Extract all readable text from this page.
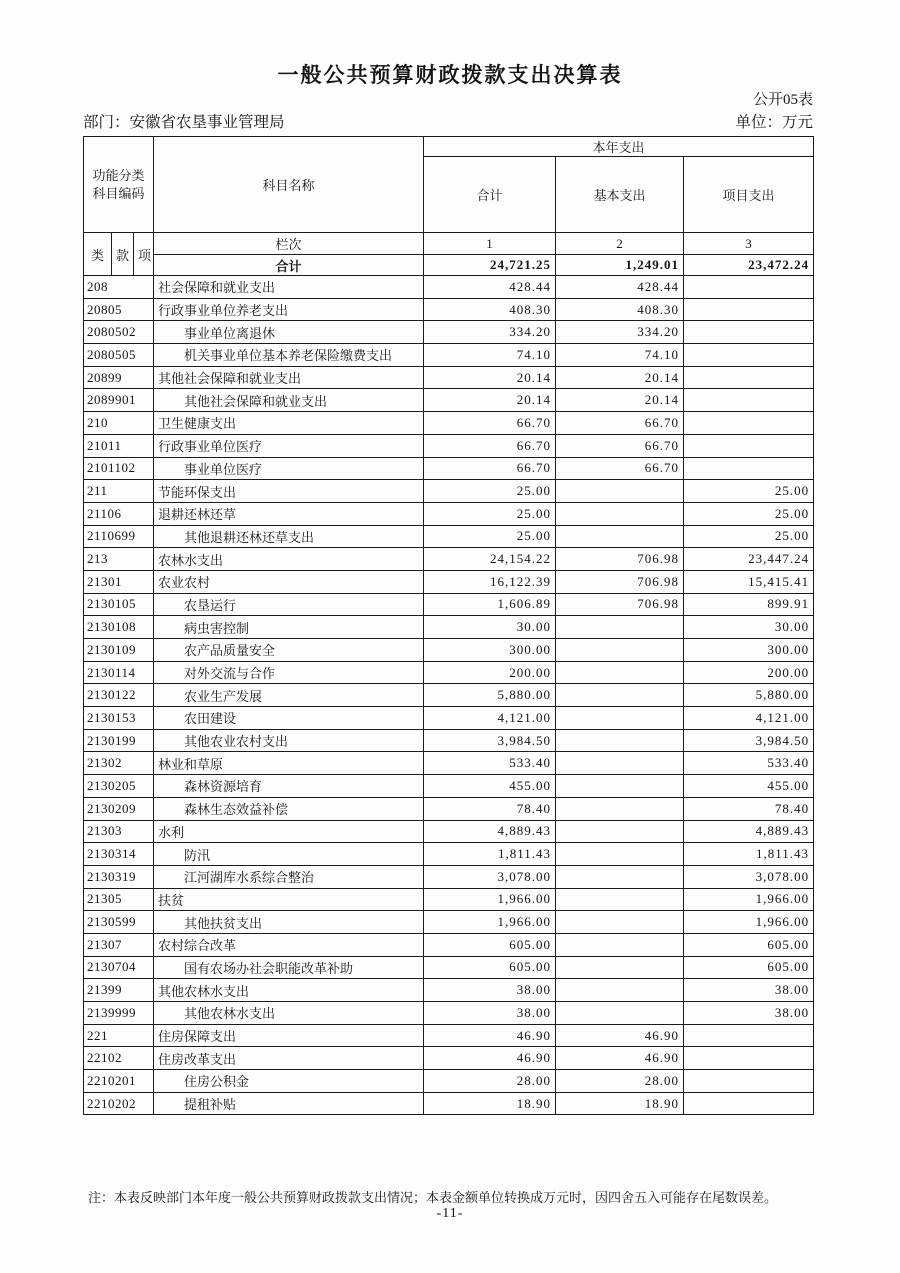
一般公共预算财政拨款支出决算表
公开05表
部门：安徽省农垦事业管理局	单位：万元
功能分类
科目编码			科目名称	本年支出		
				合计	基本支出	项目支出
类	款	项	栏次	1	2	3
			合计	24,721.25	1,249.01	23,472.24
208			社会保障和就业支出	428.44	428.44	
20805			行政事业单位养老支出	408.30	408.30	
2080502			事业单位离退休	334.20	334.20	
2080505			机关事业单位基本养老保险缴费支出	74.10	74.10	
20899			其他社会保障和就业支出	20.14	20.14	
2089901			其他社会保障和就业支出	20.14	20.14	
210			卫生健康支出	66.70	66.70	
21011			行政事业单位医疗	66.70	66.70	
2101102			事业单位医疗	66.70	66.70	
211			节能环保支出	25.00		25.00
21106			退耕还林还草	25.00		25.00
2110699			其他退耕还林还草支出	25.00		25.00
213			农林水支出	24,154.22	706.98	23,447.24
21301			农业农村	16,122.39	706.98	15,415.41
2130105			农垦运行	1,606.89	706.98	899.91
2130108			病虫害控制	30.00		30.00
2130109			农产品质量安全	300.00		300.00
2130114			对外交流与合作	200.00		200.00
2130122			农业生产发展	5,880.00		5,880.00
2130153			农田建设	4,121.00		4,121.00
2130199			其他农业农村支出	3,984.50		3,984.50
21302			林业和草原	533.40		533.40
2130205			森林资源培育	455.00		455.00
2130209			森林生态效益补偿	78.40		78.40
21303			水利	4,889.43		4,889.43
2130314			防汛	1,811.43		1,811.43
2130319			江河湖库水系综合整治	3,078.00		3,078.00
21305			扶贫	1,966.00		1,966.00
2130599			其他扶贫支出	1,966.00		1,966.00
21307			农村综合改革	605.00		605.00
2130704			国有农场办社会职能改革补助	605.00		605.00
21399			其他农林水支出	38.00		38.00
2139999			其他农林水支出	38.00		38.00
221			住房保障支出	46.90	46.90	
22102			住房改革支出	46.90	46.90	
2210201			住房公积金	28.00	28.00	
2210202			提租补贴	18.90	18.90	
注：本表反映部门本年度一般公共预算财政拨款支出情况；本表金额单位转换成万元时，因四舍五入可能存在尾数误差。
-11-
